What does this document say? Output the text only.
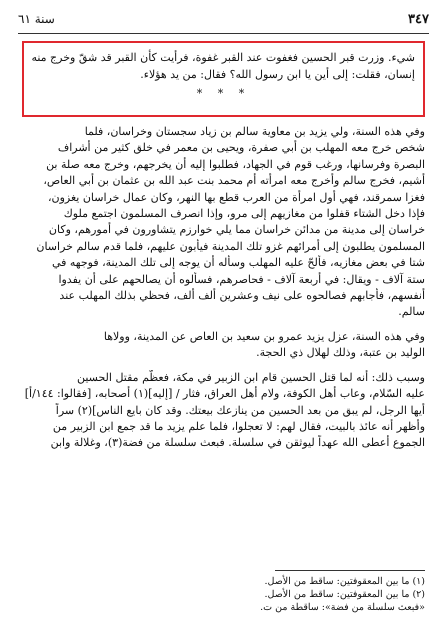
٣٤٧
سنة ٦١
شيء. وزرت قبر الحسين فغفوت عند القبر غفوة، فرأيت كأن القبر قد شقّ وخرج منه
إنسان، فقلت: إلى أين يا ابن رسول الله؟ فقال: من يد هؤلاء.
* * *
وفي هذه السنة، ولي يزيد بن معاوية سالم بن زياد سجستان وخراسان، فلما
شخص خرج معه المهلب بن أبي صفرة، ويحيى بن معمر في خلق كثير من أشراف
البصرة وفرسانها، ورغب قوم في الجهاد، فطلبوا إليه أن يخرجهم، وخرج معه صلة بن
أشيم، فخرج سالم وأخرج معه امرأته أم محمد بنت عبد الله بن عثمان بن أبي العاص،
فغزا سمرقند، فهي أول امرأة من العرب قطع بها النهر، وكان عمال خراسان يغزون،
فإذا دخل الشتاء قفلوا من مغازيهم إلى مرو، وإذا انصرف المسلمون اجتمع ملوك
خراسان إلى مدينة من مدائن خراسان مما يلي خوارزم يتشاورون في أمورهم، وكان
المسلمون يطلبون إلى أمرائهم غزو تلك المدينة فيأبون عليهم، فلما قدم سالم خراسان
شتا في بعض مغازيه، فألحّ عليه المهلب وسأله أن يوجه إلى تلك المدينة، فوجهه في
ستة آلاف - ويقال: في أربعة آلاف - فحاصرهم، فسألوه أن يصالحهم على أن يفدوا
أنفسهم، فأجابهم فصالحوه على نيف وعشرين ألف ألف، فحظي بذلك المهلب عند
سالم.
وفي هذه السنة، عزل يزيد عمرو بن سعيد بن العاص عن المدينة، وولاها
الوليد بن عتبة، وذلك لهلال ذي الحجة.
وسبب ذلك: أنه لما قتل الحسين قام ابن الزبير في مكة، فعظّم مقتل الحسين
عليه السّلام، وعاب أهل الكوفة، ولام أهل العراق، فثار / [إليه](١) أصحابه، [فقالوا: ١٤٤/أ]
أيها الرجل، لم يبق من بعد الحسين من ينازعك بيعتك. وقد كان بايع الناس](٢) سراً
وأظهر أنه عائذ بالبيت، فقال لهم: لا تعجلوا، فلما علم يزيد ما قد جمع ابن الزبير من
الجموع أعطى الله عهداً ليوثقن في سلسلة. فبعث سلسلة من فضة(٣)، وغلالة وابن
(١) ما بين المعقوفتين: ساقط من الأصل.
(٢) ما بين المعقوفتين: ساقط من الأصل.
«فبعث سلسلة من فضة»: ساقطة من ت.
